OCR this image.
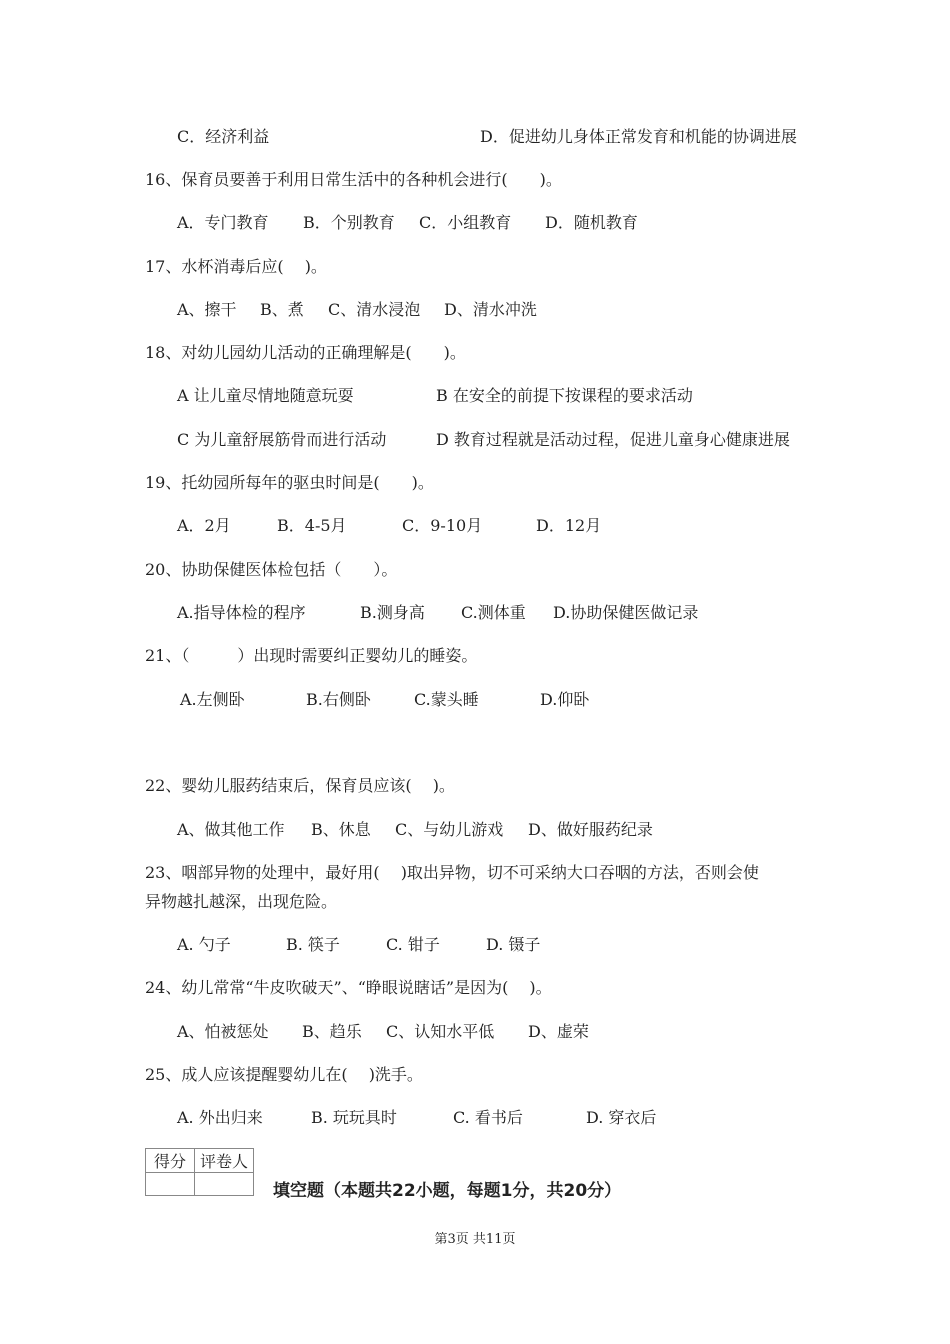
C．经济利益	D．促进幼儿身体正常发育和机能的协调进展
16、保育员要善于利用日常生活中的各种机会进行(　　)。
A．专门教育 B．个别教育 C．小组教育 D．随机教育
17、水杯消毒后应(　 )。
A、擦干 B、煮 C、清水浸泡 D、清水冲洗
18、对幼儿园幼儿活动的正确理解是(　　)。
A 让儿童尽情地随意玩耍	B 在安全的前提下按课程的要求活动
C 为儿童舒展筋骨而进行活动	D 教育过程就是活动过程，促进儿童身心健康进展
19、托幼园所每年的驱虫时间是(　　)。
A．2月	B．4-5月	C．9-10月	D．12月
20、协助保健医体检包括（　　）。
A.指导体检的程序	B.测身高 C.测体重 D.协助保健医做记录
21、（　　　）出现时需要纠正婴幼儿的睡姿。
A.左侧卧	B.右侧卧	C.蒙头睡	D.仰卧
22、婴幼儿服药结束后，保育员应该(　 )。
A、做其他工作 B、休息 C、与幼儿游戏 D、做好服药纪录
23、咽部异物的处理中，最好用(　 )取出异物，切不可采纳大口吞咽的方法，否则会使
异物越扎越深，出现危险。
A. 勺子	B. 筷子	C. 钳子	D. 镊子
24、幼儿常常“牛皮吹破天”、“睁眼说瞎话”是因为(　 )。
A、怕被惩处 B、趋乐 C、认知水平低 D、虚荣
25、成人应该提醒婴幼儿在(　 )洗手。
A. 外出归来	B. 玩玩具时	C. 看书后	D. 穿衣后
得分	评卷人

填空题（本题共22小题，每题1分，共20分）
第3页 共11页
